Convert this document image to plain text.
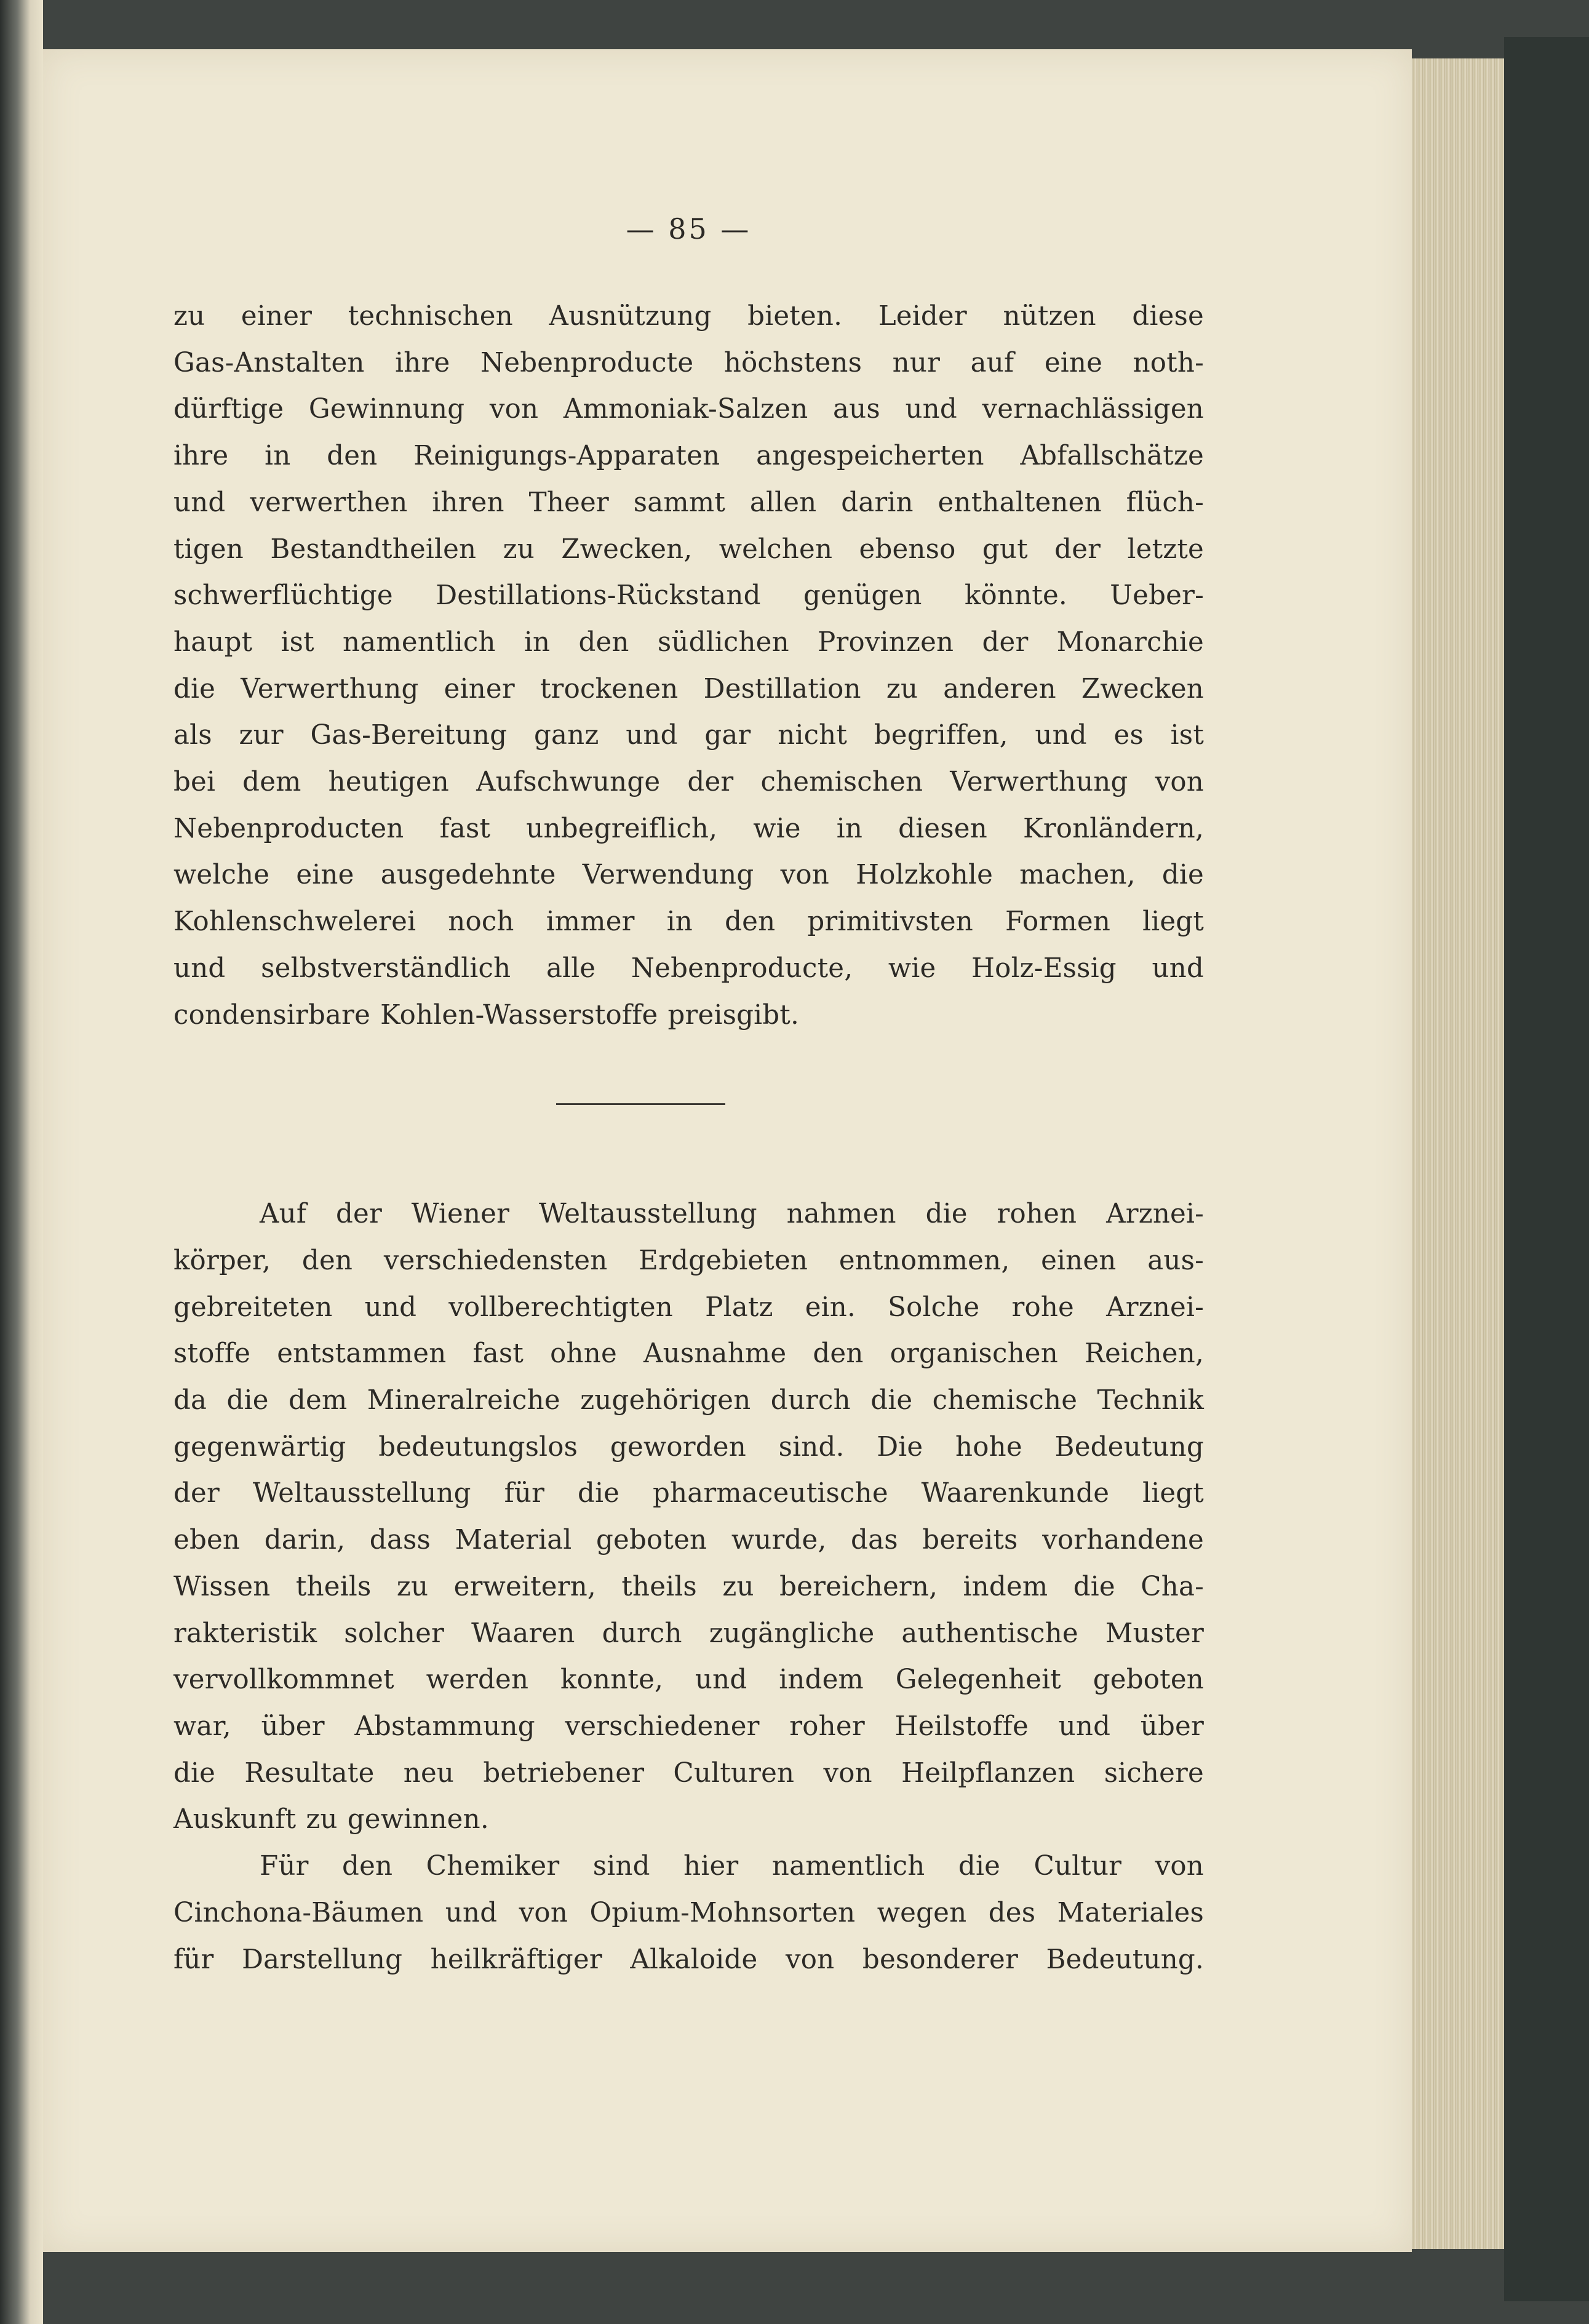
— 85 —

zu einer technischen Ausnützung bieten. Leider nützen diese
Gas-Anstalten ihre Nebenproducte höchstens nur auf eine noth-
dürftige Gewinnung von Ammoniak-Salzen aus und vernachlässigen
ihre in den Reinigungs-Apparaten angespeicherten Abfallschätze
und verwerthen ihren Theer sammt allen darin enthaltenen flüch-
tigen Bestandtheilen zu Zwecken, welchen ebenso gut der letzte
schwerflüchtige Destillations-Rückstand genügen könnte. Ueber-
haupt ist namentlich in den südlichen Provinzen der Monarchie
die Verwerthung einer trockenen Destillation zu anderen Zwecken
als zur Gas-Bereitung ganz und gar nicht begriffen, und es ist
bei dem heutigen Aufschwunge der chemischen Verwerthung von
Nebenproducten fast unbegreiflich, wie in diesen Kronländern,
welche eine ausgedehnte Verwendung von Holzkohle machen, die
Kohlenschwelerei noch immer in den primitivsten Formen liegt
und selbstverständlich alle Nebenproducte, wie Holz-Essig und
condensirbare Kohlen-Wasserstoffe preisgibt.

Auf der Wiener Weltausstellung nahmen die rohen Arznei-
körper, den verschiedensten Erdgebieten entnommen, einen aus-
gebreiteten und vollberechtigten Platz ein. Solche rohe Arznei-
stoffe entstammen fast ohne Ausnahme den organischen Reichen,
da die dem Mineralreiche zugehörigen durch die chemische Technik
gegenwärtig bedeutungslos geworden sind. Die hohe Bedeutung
der Weltausstellung für die pharmaceutische Waarenkunde liegt
eben darin, dass Material geboten wurde, das bereits vorhandene
Wissen theils zu erweitern, theils zu bereichern, indem die Cha-
rakteristik solcher Waaren durch zugängliche authentische Muster
vervollkommnet werden konnte, und indem Gelegenheit geboten
war, über Abstammung verschiedener roher Heilstoffe und über
die Resultate neu betriebener Culturen von Heilpflanzen sichere
Auskunft zu gewinnen.

Für den Chemiker sind hier namentlich die Cultur von
Cinchona-Bäumen und von Opium-Mohnsorten wegen des Materiales
für Darstellung heilkräftiger Alkaloide von besonderer Bedeutung.
